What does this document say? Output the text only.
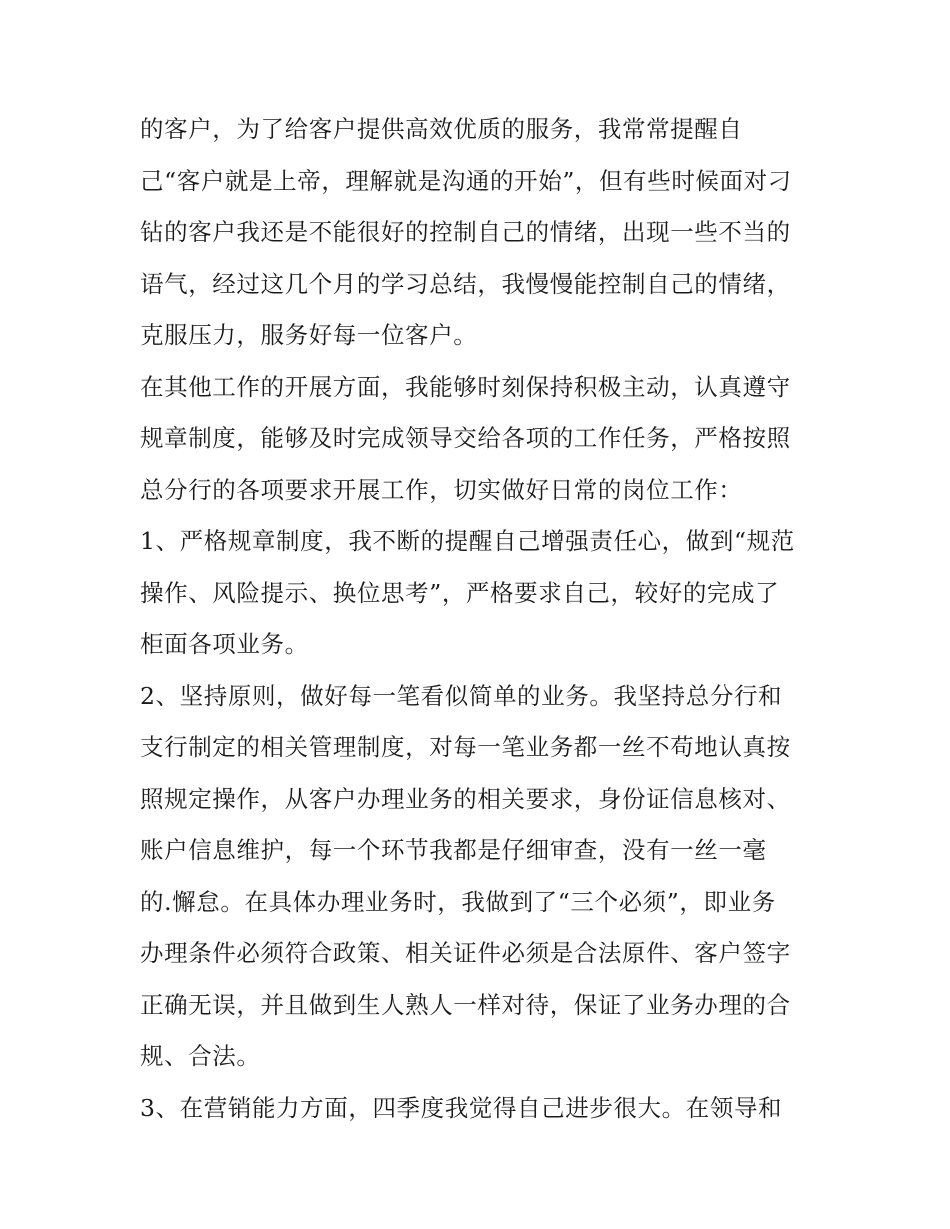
的客户，为了给客户提供高效优质的服务，我常常提醒自
己“客户就是上帝，理解就是沟通的开始”，但有些时候面对刁
钻的客户我还是不能很好的控制自己的情绪，出现一些不当的
语气，经过这几个月的学习总结，我慢慢能控制自己的情绪，
克服压力，服务好每一位客户。
在其他工作的开展方面，我能够时刻保持积极主动，认真遵守
规章制度，能够及时完成领导交给各项的工作任务，严格按照
总分行的各项要求开展工作，切实做好日常的岗位工作：
1、严格规章制度，我不断的提醒自己增强责任心，做到“规范
操作、风险提示、换位思考”，严格要求自己，较好的完成了
柜面各项业务。
2、坚持原则，做好每一笔看似简单的业务。我坚持总分行和
支行制定的相关管理制度，对每一笔业务都一丝不苟地认真按
照规定操作，从客户办理业务的相关要求，身份证信息核对、
账户信息维护，每一个环节我都是仔细审查，没有一丝一毫
的.懈怠。在具体办理业务时，我做到了“三个必须”，即业务
办理条件必须符合政策、相关证件必须是合法原件、客户签字
正确无误，并且做到生人熟人一样对待，保证了业务办理的合
规、合法。
3、在营销能力方面，四季度我觉得自己进步很大。在领导和
